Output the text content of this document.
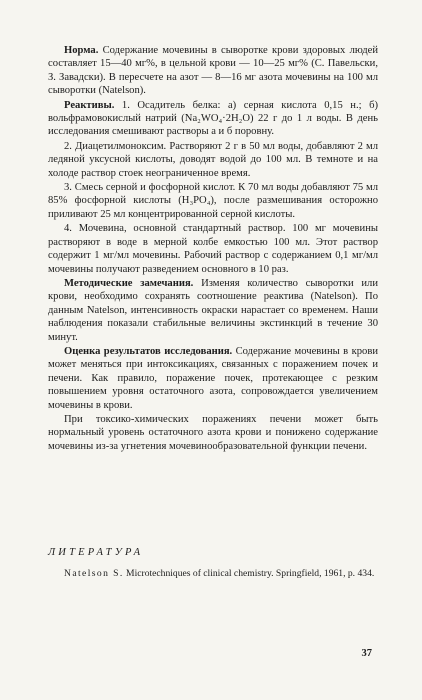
Норма. Содержание мочевины в сыворотке крови здоровых людей составляет 15—40 мг%, в цельной крови — 10—25 мг% (С. Павельски, З. Завадски). В пересчете на азот — 8—16 мг азота мочевины на 100 мл сыворотки (Natelson).

Реактивы. 1. Осадитель белка: а) серная кислота 0,15 н.; б) вольфрамовокислый натрий (Na₂WO₄·2H₂O) 22 г до 1 л воды. В день исследования смешивают растворы а и б поровну.

2. Диацетилмоноксим. Растворяют 2 г в 50 мл воды, добавляют 2 мл ледяной уксусной кислоты, доводят водой до 100 мл. В темноте и на холоде раствор стоек неограниченное время.

3. Смесь серной и фосфорной кислот. К 70 мл воды добавляют 75 мл 85% фосфорной кислоты (H₃PO₄), после размешивания осторожно приливают 25 мл концентрированной серной кислоты.

4. Мочевина, основной стандартный раствор. 100 мг мочевины растворяют в воде в мерной колбе емкостью 100 мл. Этот раствор содержит 1 мг/мл мочевины. Рабочий раствор с содержанием 0,1 мг/мл мочевины получают разведением основного в 10 раз.

Методические замечания. Изменяя количество сыворотки или крови, необходимо сохранять соотношение реактива (Natelson). По данным Natelson, интенсивность окраски нарастает со временем. Наши наблюдения показали стабильные величины экстинкций в течение 30 минут.

Оценка результатов исследования. Содержание мочевины в крови может меняться при интоксикациях, связанных с поражением почек и печени. Как правило, поражение почек, протекающее с резким повышением уровня остаточного азота, сопровождается увеличением мочевины в крови.

При токсико-химических поражениях печени может быть нормальный уровень остаточного азота крови и понижено содержание мочевины из-за угнетения мочевинообразовательной функции печени.

ЛИТЕРАТУРА
Natelson S. Microtechniques of clinical chemistry. Springfield, 1961, p. 434.
37
